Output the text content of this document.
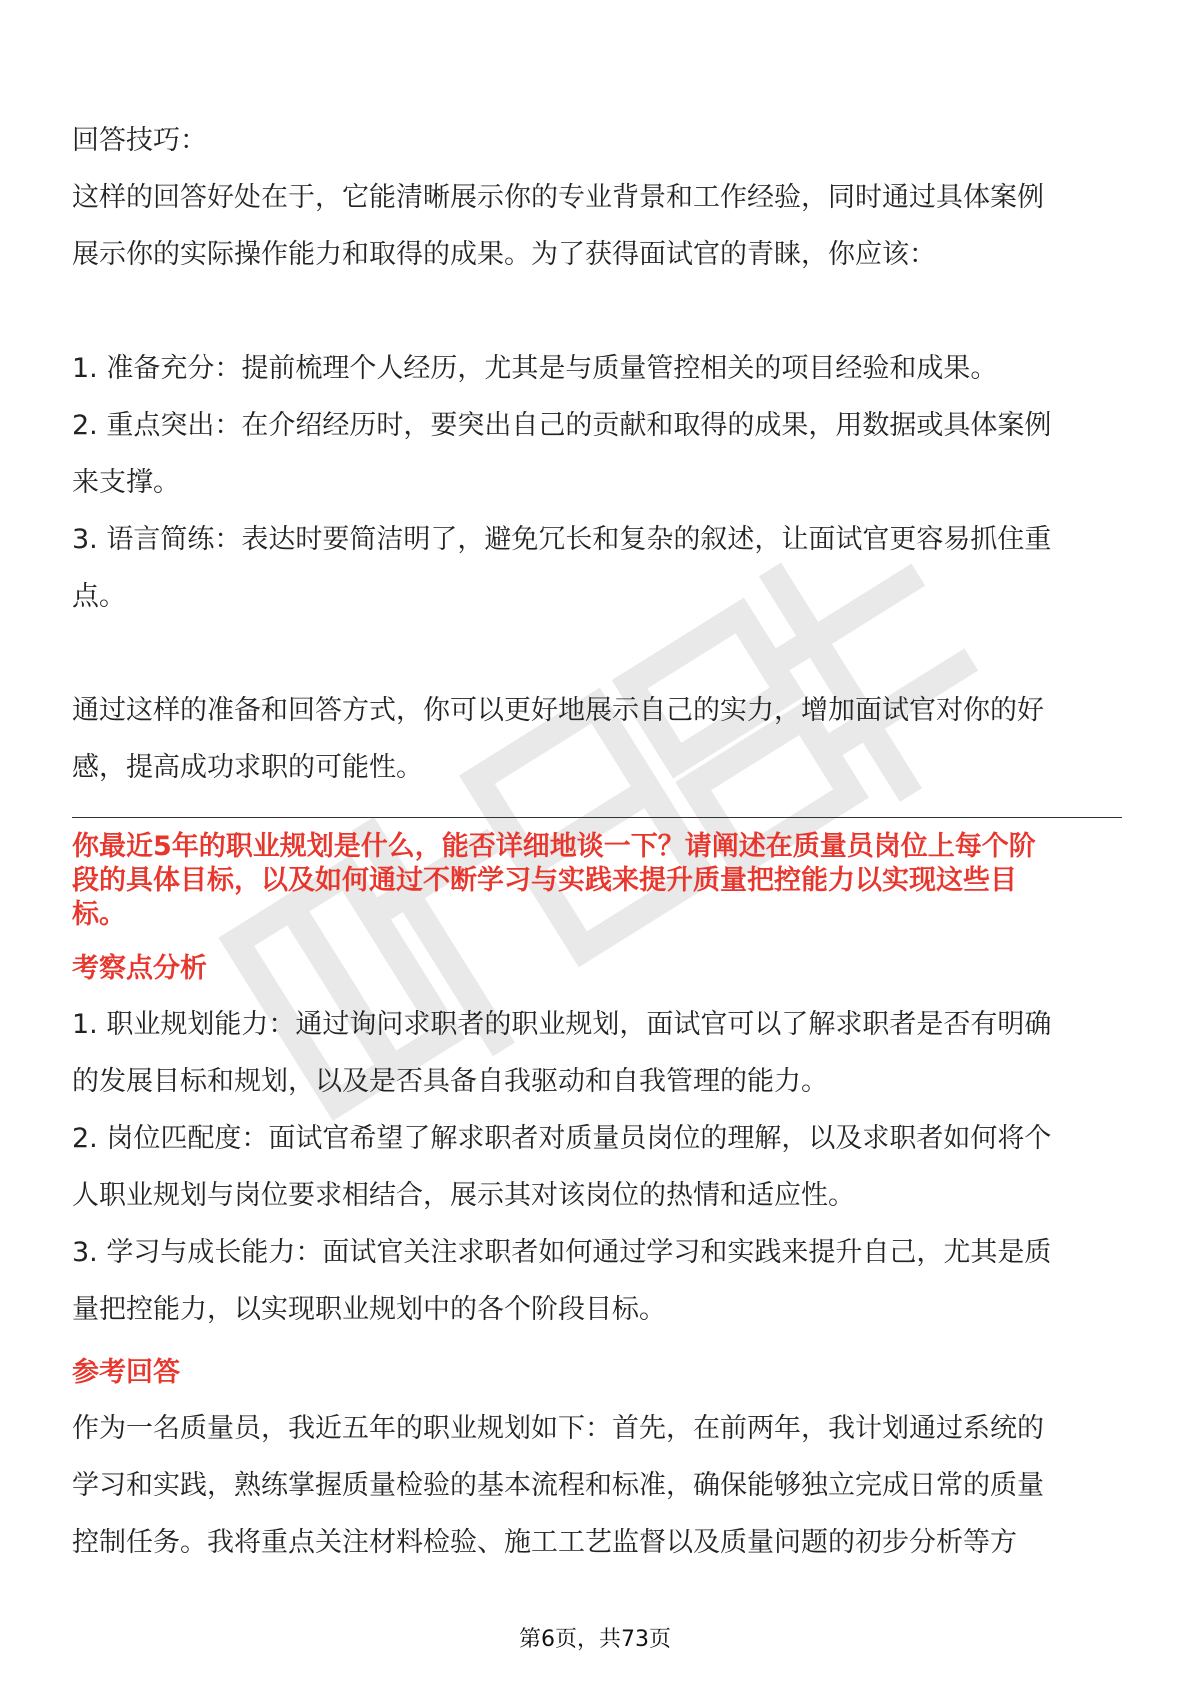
回答技巧：
这样的回答好处在于，它能清晰展示你的专业背景和工作经验，同时通过具体案例
展示你的实际操作能力和取得的成果。为了获得面试官的青睐，你应该：
1. 准备充分：提前梳理个人经历，尤其是与质量管控相关的项目经验和成果。
2. 重点突出：在介绍经历时，要突出自己的贡献和取得的成果，用数据或具体案例
来支撑。
3. 语言简练：表达时要简洁明了，避免冗长和复杂的叙述，让面试官更容易抓住重
点。
通过这样的准备和回答方式，你可以更好地展示自己的实力，增加面试官对你的好
感，提高成功求职的可能性。
你最近5年的职业规划是什么，能否详细地谈一下？请阐述在质量员岗位上每个阶
段的具体目标，以及如何通过不断学习与实践来提升质量把控能力以实现这些目
标。
考察点分析
1. 职业规划能力：通过询问求职者的职业规划，面试官可以了解求职者是否有明确
的发展目标和规划，以及是否具备自我驱动和自我管理的能力。
2. 岗位匹配度：面试官希望了解求职者对质量员岗位的理解，以及求职者如何将个
人职业规划与岗位要求相结合，展示其对该岗位的热情和适应性。
3. 学习与成长能力：面试官关注求职者如何通过学习和实践来提升自己，尤其是质
量把控能力，以实现职业规划中的各个阶段目标。
参考回答
作为一名质量员，我近五年的职业规划如下：首先，在前两年，我计划通过系统的
学习和实践，熟练掌握质量检验的基本流程和标准，确保能够独立完成日常的质量
控制任务。我将重点关注材料检验、施工工艺监督以及质量问题的初步分析等方
第6页，共73页
